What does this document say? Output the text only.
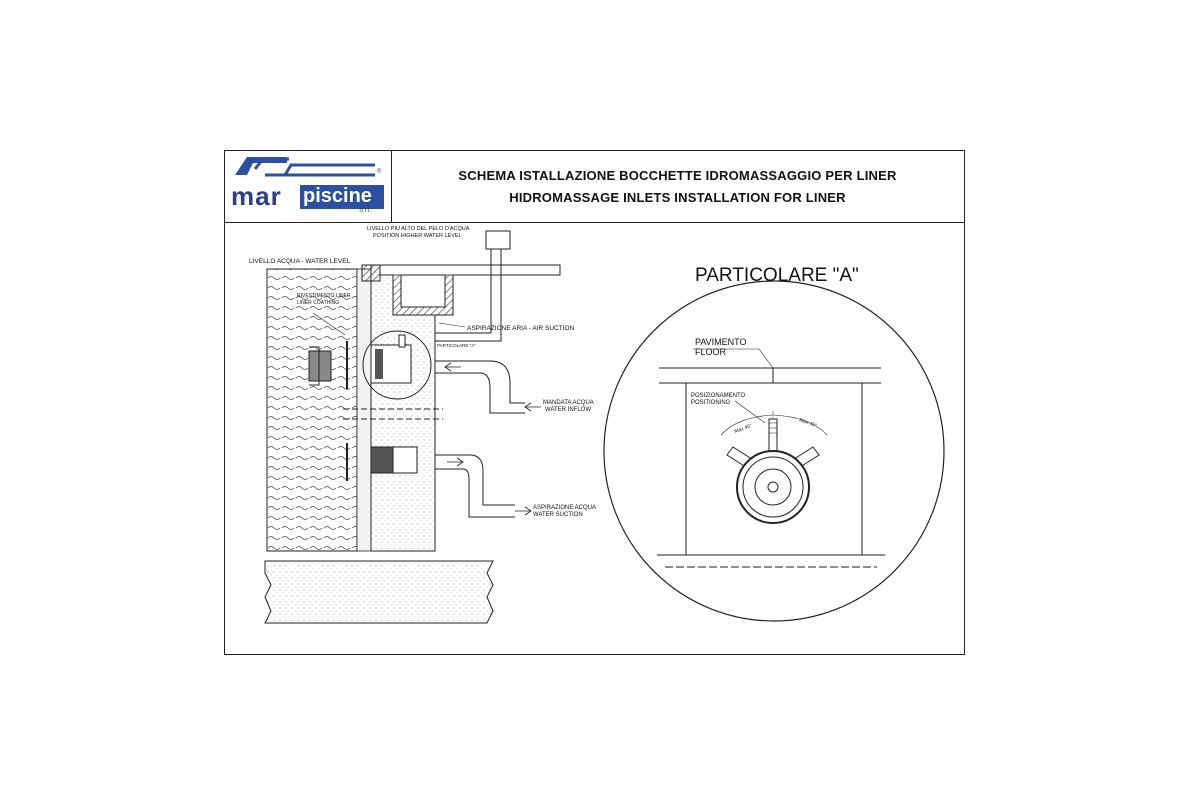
mar piscine
S.r.l.
®	SCHEMA ISTALLAZIONE BOCCHETTE IDROMASSAGGIO PER LINER
HIDROMASSAGE INLETS INSTALLATION FOR LINER
LIVELLO PIU ALTO DEL PELO D'ACQUA
POSITION HIGHER WATER LEVEL
LIVELLO ACQUA - WATER LEVEL
RIVESTIMENTO LINER
LINER COATHING
ASPIRAZIONE ARIA - AIR SUCTION
PARTICOLARE "A"
MANDATA ACQUA
WATER INFLOW
ASPIRAZIONE ACQUA
WATER SUCTION
PARTICOLARE "A"
PAVIMENTO
FLOOR
POSIZIONAMENTO
POSITIONING
Max 45°	Max 45°
